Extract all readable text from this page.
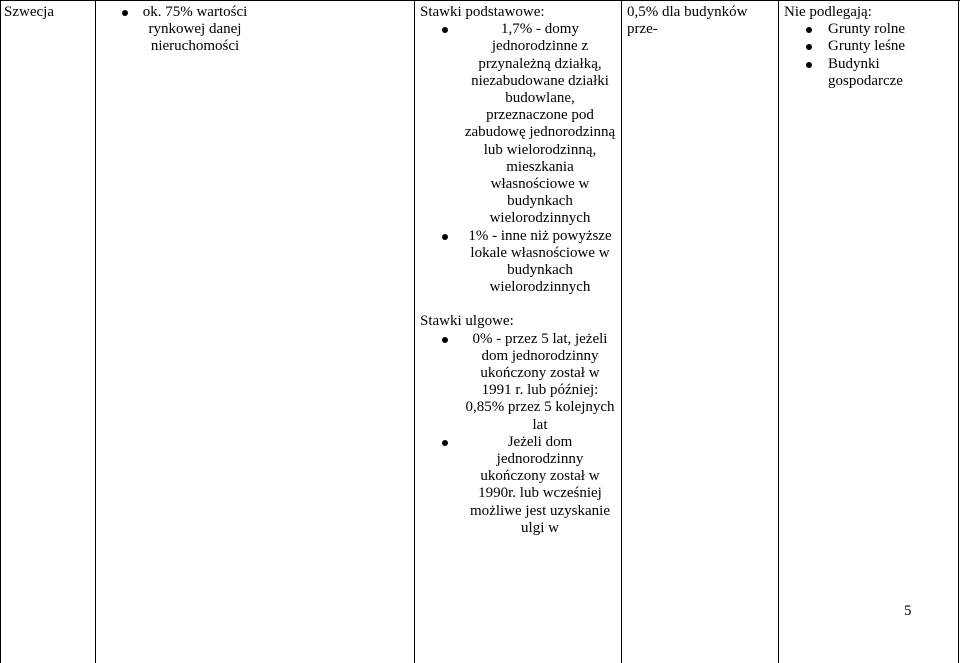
Szwecja	ok. 75% wartości rynkowej danej
nieruchomości
Stawki podstawowe:
1,7% - domy jednorodzinne z przynależną działką, niezabudowane działki budowlane, przeznaczone pod zabudowę jednorodzinną lub wielorodzinną, mieszkania własnościowe w budynkach wielorodzinnych
1% - inne niż powyższe lokale własnościowe w budynkach wielorodzinnych
Stawki ulgowe:
0% - przez 5 lat, jeżeli dom jednorodzinny ukończony został w 1991 r. lub później: 0,85% przez 5 kolejnych lat
Jeżeli dom jednorodzinny ukończony został w 1990r. lub wcześniej możliwe jest uzyskanie ulgi w
0,5% dla budynków prze-
Nie podlegają:
Grunty rolne
Grunty leśne
Budynki gospodarcze
5
